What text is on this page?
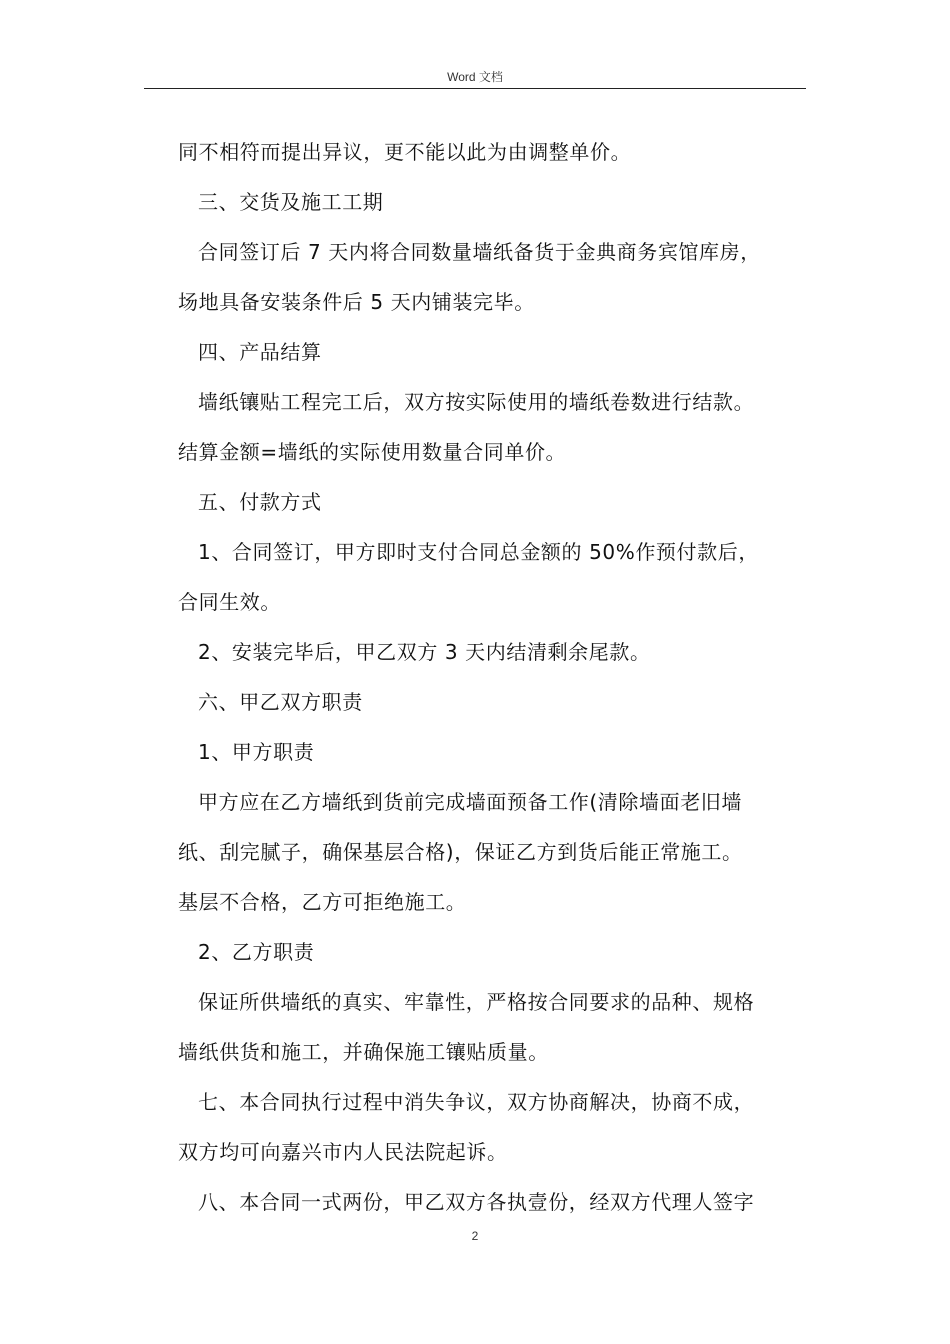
Word 文档
同不相符而提出异议，更不能以此为由调整单价。
三、交货及施工工期
合同签订后 7 天内将合同数量墙纸备货于金典商务宾馆库房，
场地具备安装条件后 5 天内铺装完毕。
四、产品结算
墙纸镶贴工程完工后，双方按实际使用的墙纸卷数进行结款。
结算金额=墙纸的实际使用数量合同单价。
五、付款方式
1、合同签订，甲方即时支付合同总金额的 50%作预付款后，
合同生效。
2、安装完毕后，甲乙双方 3 天内结清剩余尾款。
六、甲乙双方职责
1、甲方职责
甲方应在乙方墙纸到货前完成墙面预备工作(清除墙面老旧墙
纸、刮完腻子，确保基层合格)，保证乙方到货后能正常施工。
基层不合格，乙方可拒绝施工。
2、乙方职责
保证所供墙纸的真实、牢靠性，严格按合同要求的品种、规格
墙纸供货和施工，并确保施工镶贴质量。
七、本合同执行过程中消失争议，双方协商解决，协商不成，
双方均可向嘉兴市内人民法院起诉。
八、本合同一式两份，甲乙双方各执壹份，经双方代理人签字
2
